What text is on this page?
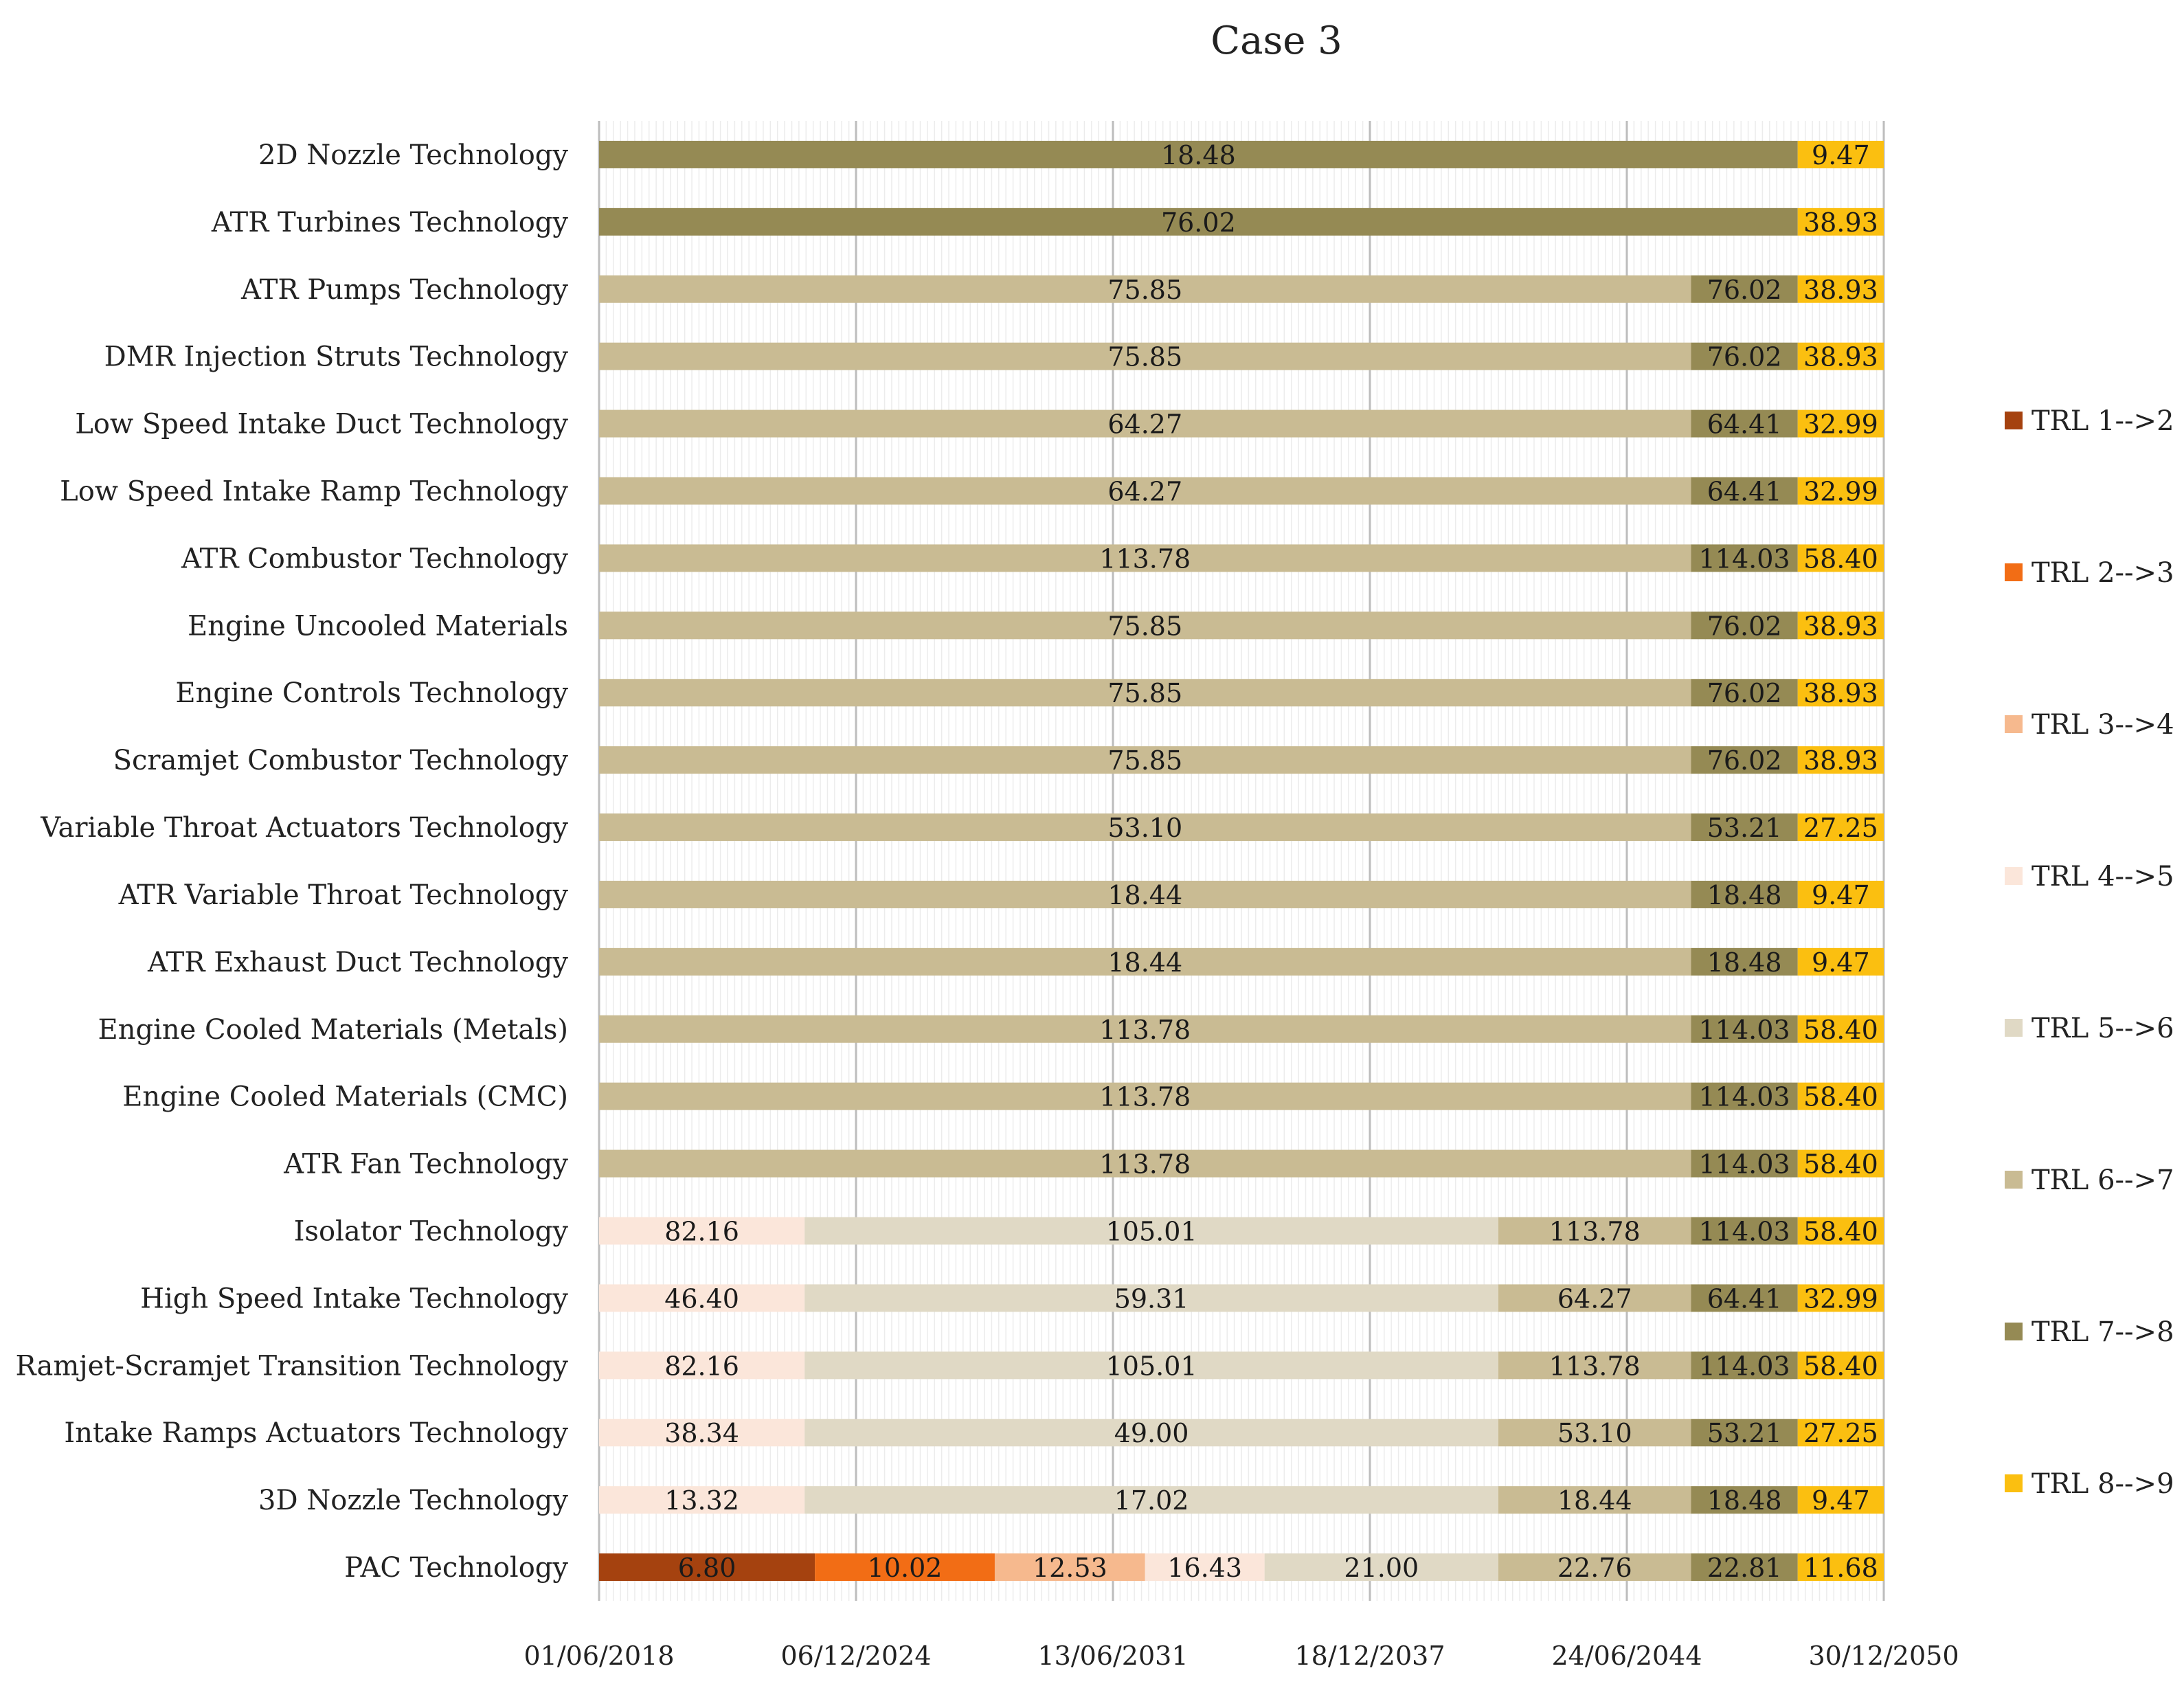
Case 3
18.48	9.47
76.02	38.93
75.85	76.02 38.93
75.85	76.02 38.93
64.27	64.41 32.99
64.27	64.41 32.99
113.78	114.03 58.40
75.85	76.02 38.93
75.85	76.02 38.93
75.85	76.02 38.93
53.10	53.21 27.25
18.44	18.48 9.47
18.44	18.48 9.47
113.78	114.03 58.40
113.78	114.03 58.40
113.78	114.03 58.40
82.16	105.01	113.78 114.03 58.40
46.40	59.31	64.27	64.41 32.99
82.16	105.01	113.78 114.03 58.40
38.34	49.00	53.10	53.21 27.25
13.32	17.02	18.44	18.48 9.47
6.80	10.02	12.53 16.43	21.00	22.76	22.81 11.68
2D Nozzle Technology
ATR Turbines Technology
ATR Pumps Technology
DMR Injection Struts Technology
Low Speed Intake Duct Technology
Low Speed Intake Ramp Technology
ATR Combustor Technology
Engine Uncooled Materials
Engine Controls Technology
Scramjet Combustor Technology
Variable Throat Actuators Technology
ATR Variable Throat Technology
ATR Exhaust Duct Technology
Engine Cooled Materials (Metals)
Engine Cooled Materials (CMC)
ATR Fan Technology
Isolator Technology
High Speed Intake Technology
Ramjet-Scramjet Transition Technology
Intake Ramps Actuators Technology
3D Nozzle Technology
PAC Technology
01/06/2018	06/12/2024	13/06/2031	18/12/2037	24/06/2044	30/12/2050
TRL 1-->2
TRL 2-->3
TRL 3-->4
TRL 4-->5
TRL 5-->6
TRL 6-->7
TRL 7-->8
TRL 8-->9
